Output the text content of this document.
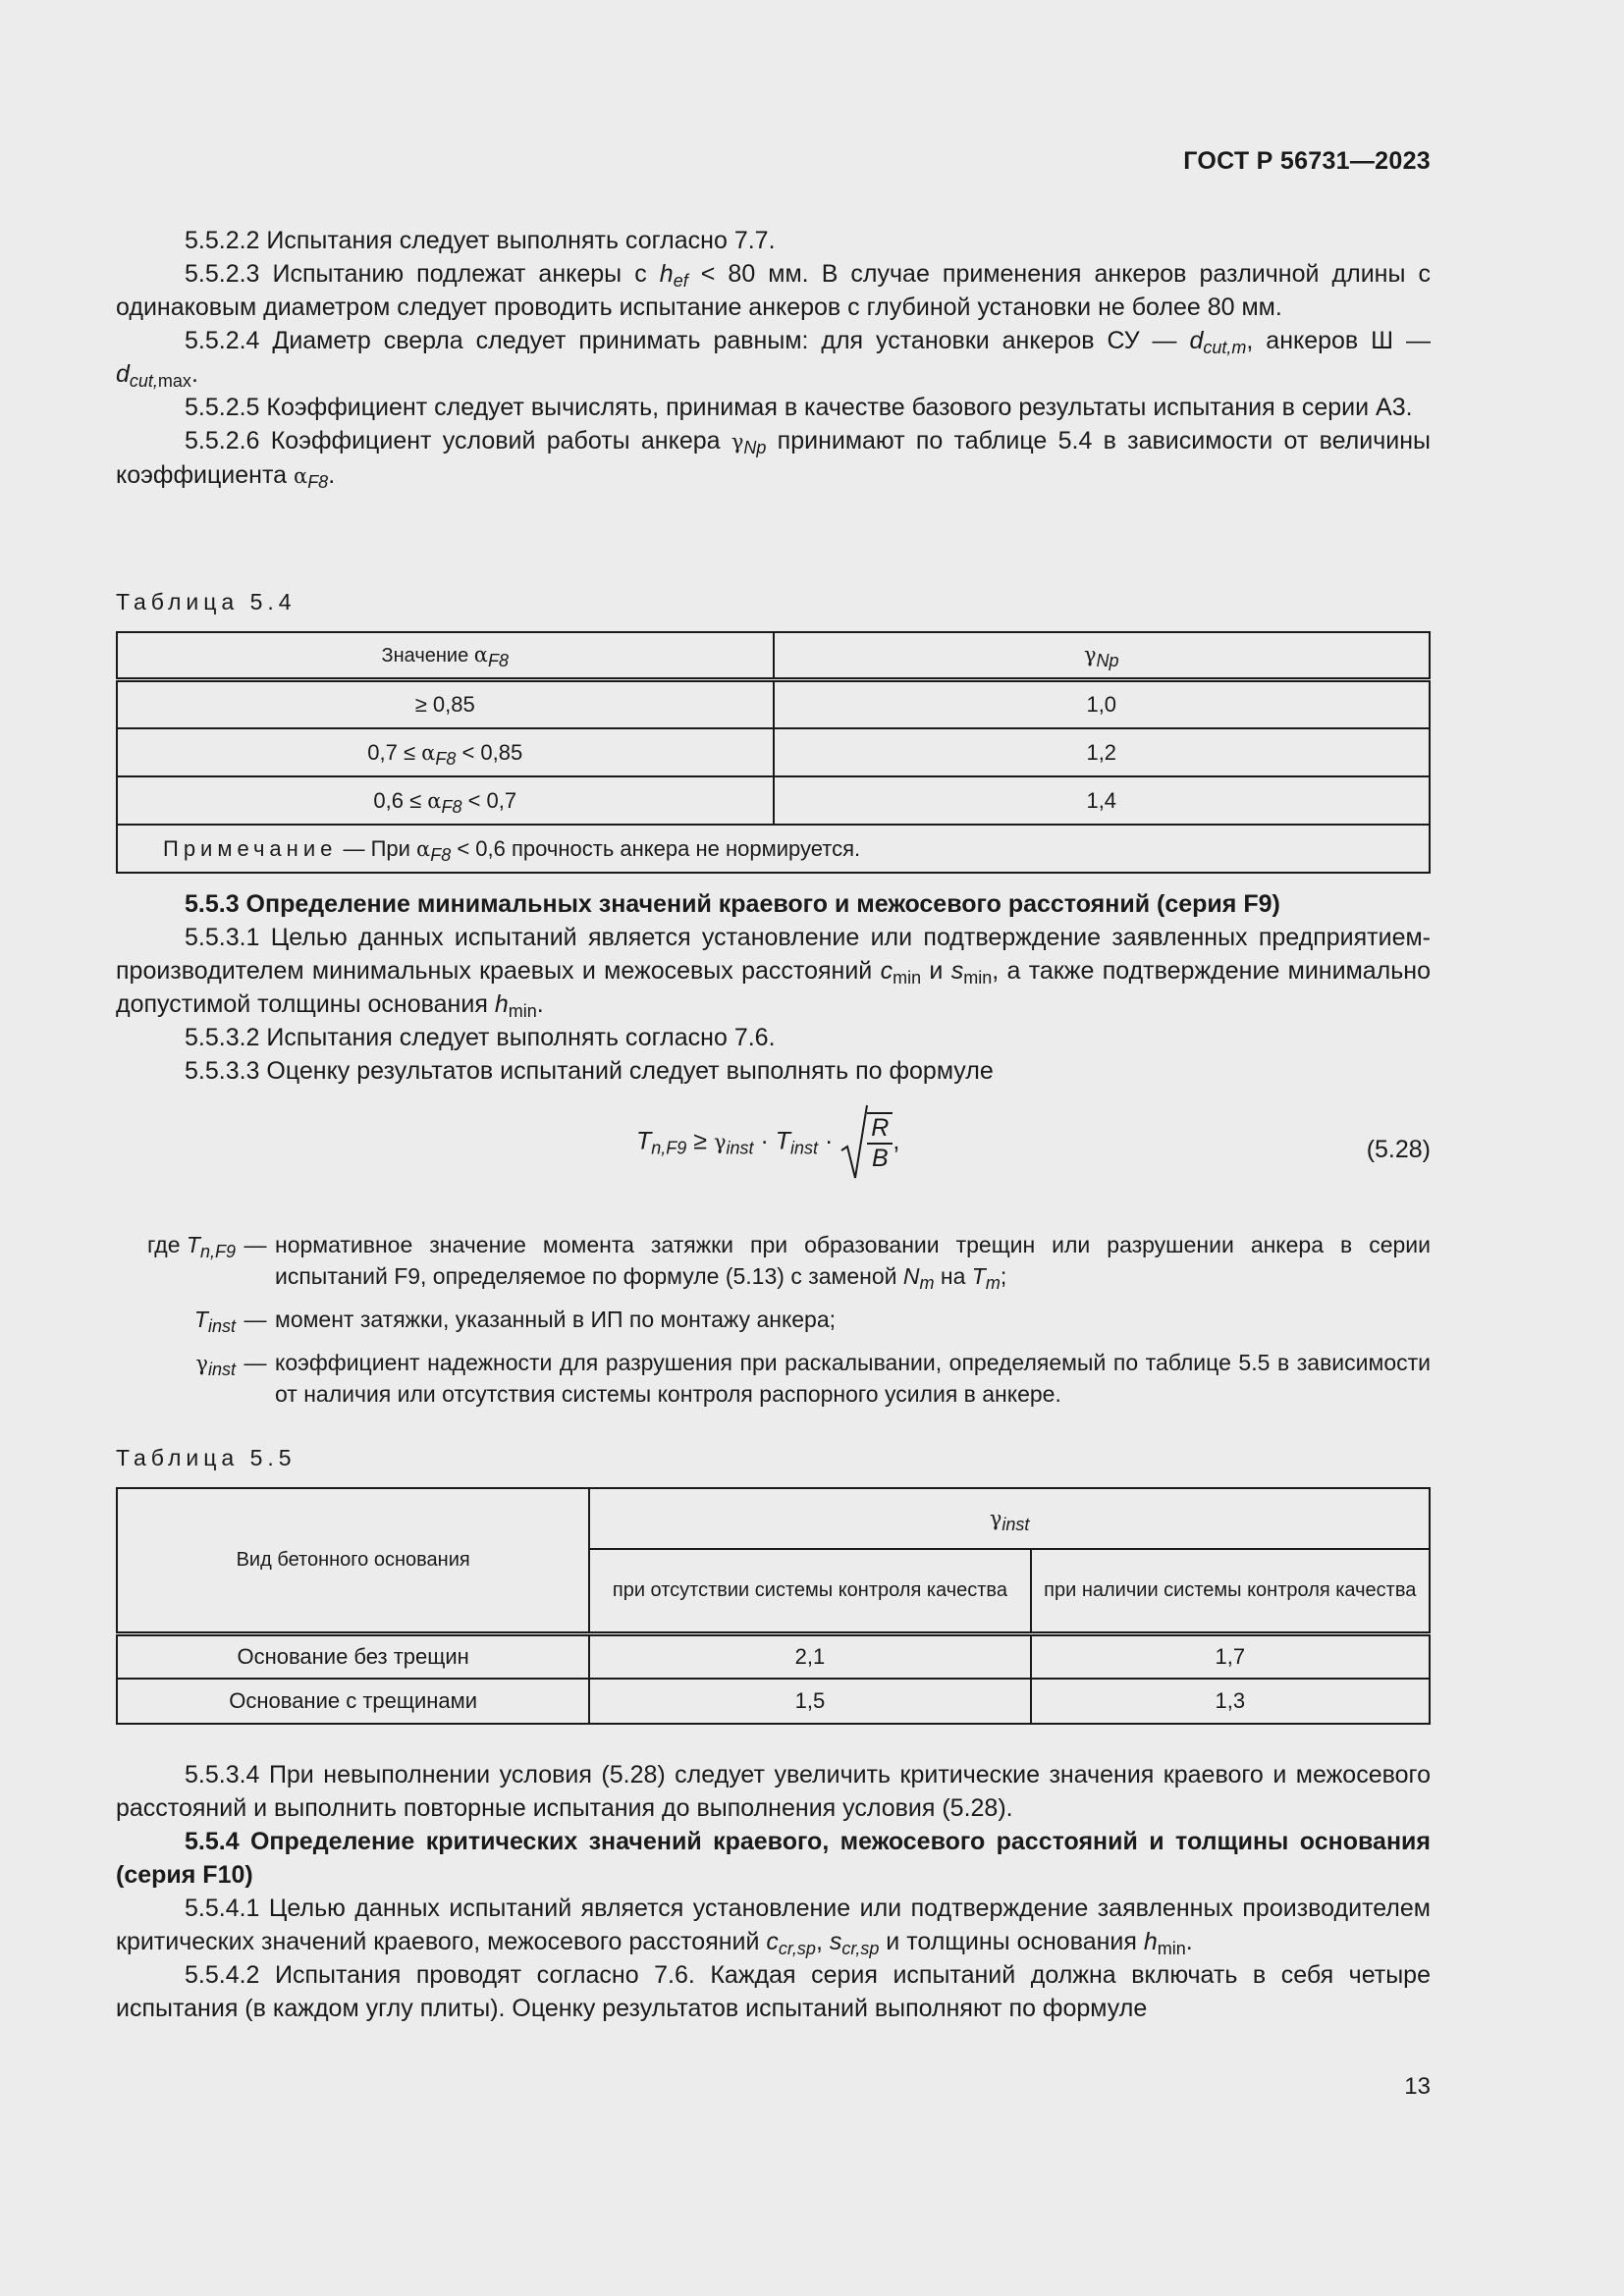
ГОСТ Р 56731—2023

5.5.2.2 Испытания следует выполнять согласно 7.7.

5.5.2.3 Испытанию подлежат анкеры с $h_{ef} < 80$ мм. В случае применения анкеров различной длины с одинаковым диаметром следует проводить испытание анкеров с глубиной установки не более 80 мм.

5.5.2.4 Диаметр сверла следует принимать равным: для установки анкеров СУ — $d_{cut,m}$, анкеров Ш — $d_{cut,max}$.

5.5.2.5 Коэффициент следует вычислять, принимая в качестве базового результаты испытания в серии А3.

5.5.2.6 Коэффициент условий работы анкера $\gamma_{Np}$ принимают по таблице 5.4 в зависимости от величины коэффициента $\alpha_{F8}$.

Таблица 5.4
Значение $\alpha_{F8}$	$\gamma_{Np}$
≥ 0,85	1,0
$0,7 \le \alpha_{F8} < 0,85$	1,2
$0,6 \le \alpha_{F8} < 0,7$	1,4
Примечание — При $\alpha_{F8} < 0,6$ прочность анкера не нормируется.	

5.5.3 Определение минимальных значений краевого и межосевого расстояний (серия F9)

5.5.3.1 Целью данных испытаний является установление или подтверждение заявленных предприятием-производителем минимальных краевых и межосевых расстояний $c_{min}$ и $s_{min}$, а также подтверждение минимально допустимой толщины основания $h_{min}$.

5.5.3.2 Испытания следует выполнять согласно 7.6.

5.5.3.3 Оценку результатов испытаний следует выполнять по формуле

$T_{n,F9} \ge \gamma_{inst} \cdot T_{inst} \cdot \frac{R}{B}$ ,	(5.28)
где $T_{n,F9}$ — нормативное значение момента затяжки при образовании трещин или разрушении анкера в серии испытаний F9, определяемое по формуле (5.13) с заменой $N_m$ на $T_m$;
$T_{inst}$ — момент затяжки, указанный в ИП по монтажу анкера;
$\gamma_{inst}$ — коэффициент надежности для разрушения при раскалывании, определяемый по таблице 5.5 в зависимости от наличия или отсутствия системы контроля распорного усилия в анкере.
Таблица 5.5
Вид бетонного основания	$\gamma_{inst}$
	при отсутствии системы контроля качества	при наличии системы контроля качества
Основание без трещин	2,1	1,7
Основание с трещинами	1,5	1,3

5.5.3.4 При невыполнении условия (5.28) следует увеличить критические значения краевого и межосевого расстояний и выполнить повторные испытания до выполнения условия (5.28).

5.5.4 Определение критических значений краевого, межосевого расстояний и толщины основания (серия F10)

5.5.4.1 Целью данных испытаний является установление или подтверждение заявленных производителем критических значений краевого, межосевого расстояний $c_{cr,sp}$, $s_{cr,sp}$ и толщины основания $h_{min}$.

5.5.4.2 Испытания проводят согласно 7.6. Каждая серия испытаний должна включать в себя четыре испытания (в каждом углу плиты). Оценку результатов испытаний выполняют по формуле

13
